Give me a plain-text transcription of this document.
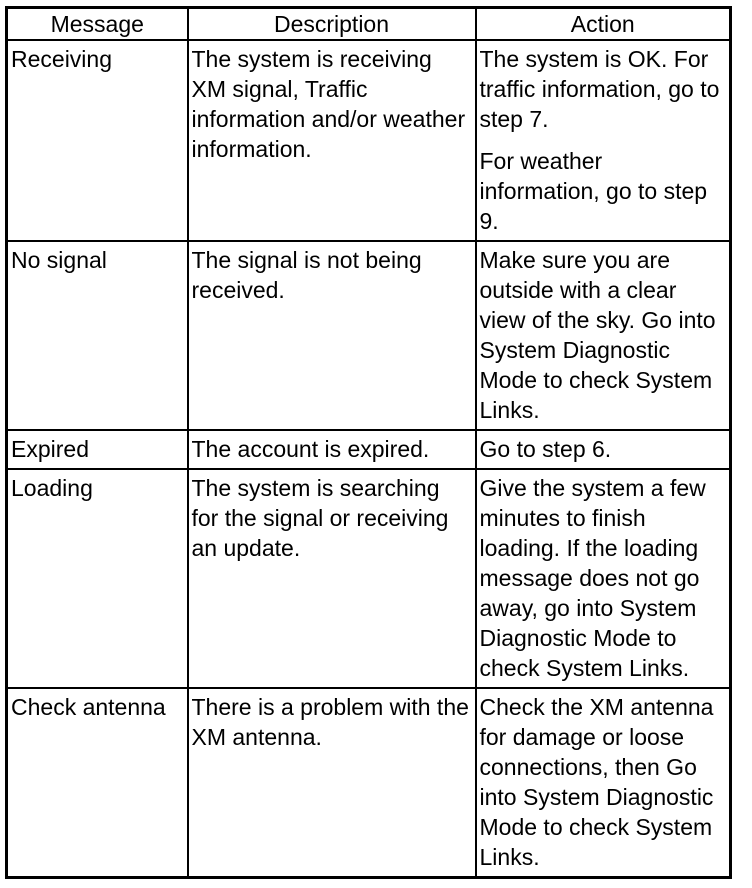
Message	Description	Action
Receiving	The system is receiving XM signal, Traffic information and/or weather information.	The system is OK. For traffic information, go to step 7.
For weather information, go to step 9.

No signal	The signal is not being received.	Make sure you are outside with a clear view of the sky. Go into System Diagnostic Mode to check System Links.

Expired	The account is expired.	Go to step 6.

Loading	The system is searching for the signal or receiving an update.	Give the system a few minutes to finish loading. If the loading message does not go away, go into System Diagnostic Mode to check System Links.

Check antenna	There is a problem with the XM antenna.	Check the XM antenna for damage or loose connections, then Go into System Diagnostic Mode to check System Links.
